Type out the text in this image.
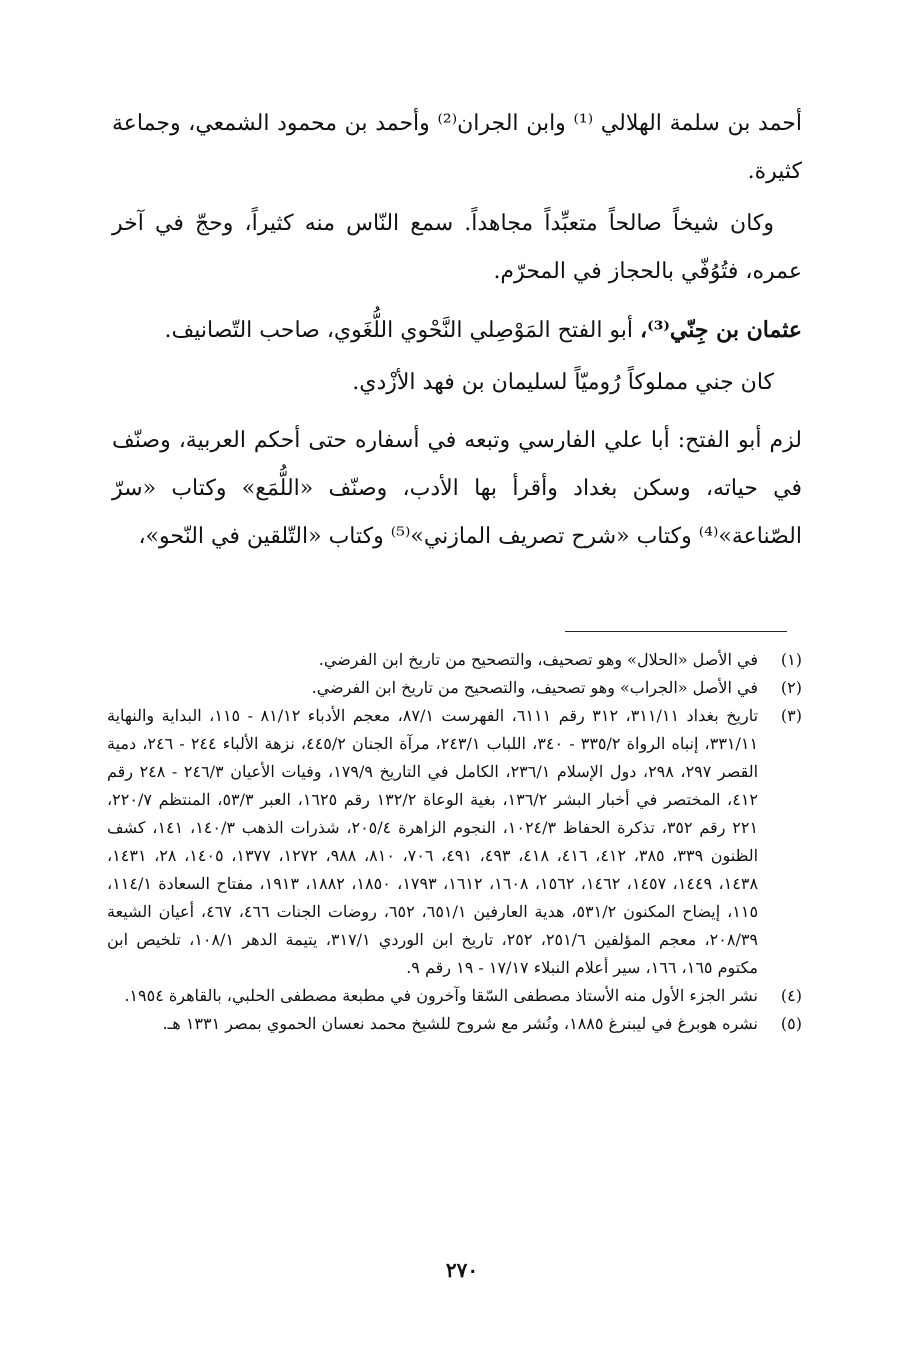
أحمد بن سلمة الهلالي ⁽¹⁾ وابن الجران⁽²⁾ وأحمد بن محمود الشمعي، وجماعة كثيرة.

وكان شيخاً صالحاً متعبِّداً مجاهداً. سمع النّاس منه كثيراً، وحجّ في آخر عمره، فتُوُفّي بالحجاز في المحرّم.

عثمان بن جِنّي⁽³⁾، أبو الفتح المَوْصِلي النَّحْوي اللُّغَوي، صاحب التّصانيف.

كان جني مملوكاً رُوميّاً لسليمان بن فهد الأزْدي.

لزم أبو الفتح: أبا علي الفارسي وتبعه في أسفاره حتى أحكم العربية، وصنّف في حياته، وسكن بغداد وأقرأ بها الأدب، وصنّف «اللُّمَع» وكتاب «سرّ الصّناعة»⁽⁴⁾ وكتاب «شرح تصريف المازني»⁽⁵⁾ وكتاب «التّلقين في النّحو»،

(١)
في الأصل «الحلال» وهو تصحيف، والتصحيح من تاريخ ابن الفرضي.
(٢)
في الأصل «الجراب» وهو تصحيف، والتصحيح من تاريخ ابن الفرضي.
(٣)
تاريخ بغداد ٣١١/١١، ٣١٢ رقم ٦١١١، الفهرست ٨٧/١، معجم الأدباء ٨١/١٢ - ١١٥، البداية والنهاية ٣٣١/١١، إنباه الرواة ٣٣٥/٢ - ٣٤٠، اللباب ٢٤٣/١، مرآة الجنان ٤٤٥/٢، نزهة الألباء ٢٤٤ - ٢٤٦، دمية القصر ٢٩٧، ٢٩٨، دول الإسلام ٢٣٦/١، الكامل في التاريخ ١٧٩/٩، وفيات الأعيان ٢٤٦/٣ - ٢٤٨ رقم ٤١٢، المختصر في أخبار البشر ١٣٦/٢، بغية الوعاة ١٣٢/٢ رقم ١٦٢٥، العبر ٥٣/٣، المنتظم ٢٢٠/٧، ٢٢١ رقم ٣٥٢، تذكرة الحفاظ ١٠٢٤/٣، النجوم الزاهرة ٢٠٥/٤، شذرات الذهب ١٤٠/٣، ١٤١، كشف الظنون ٣٣٩، ٣٨٥، ٤١٢، ٤١٦، ٤١٨، ٤٩٣، ٤٩١، ٧٠٦، ٨١٠، ٩٨٨، ١٢٧٢، ١٣٧٧، ١٤٠٥، ٢٨، ١٤٣١، ١٤٣٨، ١٤٤٩، ١٤٥٧، ١٤٦٢، ١٥٦٢، ١٦٠٨، ١٦١٢، ١٧٩٣، ١٨٥٠، ١٨٨٢، ١٩١٣، مفتاح السعادة ١١٤/١، ١١٥، إيضاح المكنون ٥٣١/٢، هدية العارفين ٦٥١/١، ٦٥٢، روضات الجنات ٤٦٦، ٤٦٧، أعيان الشيعة ٢٠٨/٣٩، معجم المؤلفين ٢٥١/٦، ٢٥٢، تاريخ ابن الوردي ٣١٧/١، يتيمة الدهر ١٠٨/١، تلخيص ابن مكتوم ١٦٥، ١٦٦، سير أعلام النبلاء ١٧/١٧ - ١٩ رقم ٩.
(٤)
نشر الجزء الأول منه الأستاذ مصطفى السّقا وآخرون في مطبعة مصطفى الحلبي، بالقاهرة ١٩٥٤.
(٥)
نشره هوبرغ في ليبنرغ ١٨٨٥، ونُشر مع شروح للشيخ محمد نعسان الحموي بمصر ١٣٣١ هـ.
٢٧٠
